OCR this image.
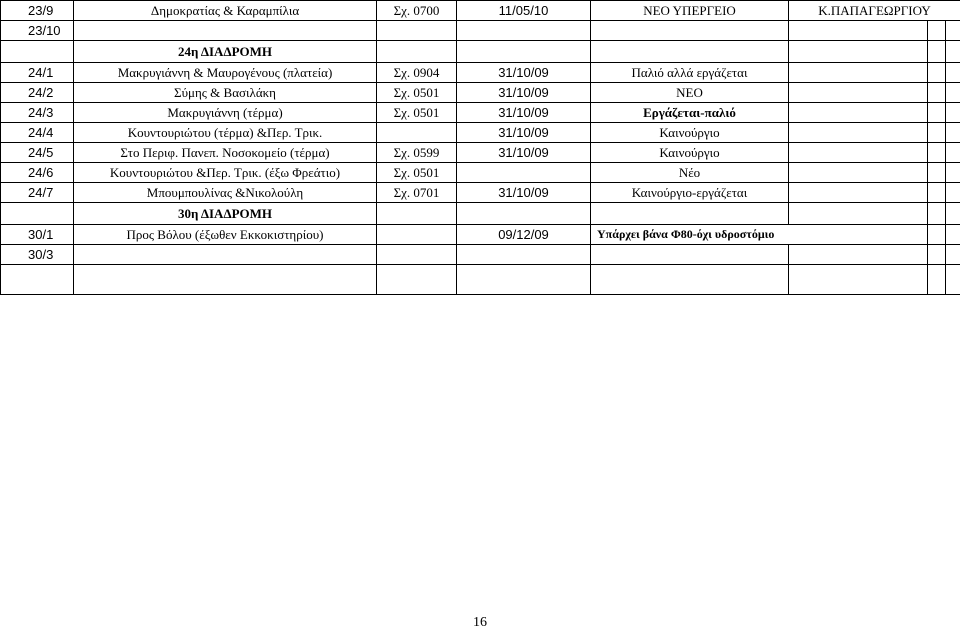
23/9	Δημοκρατίας & Καραμπίλια	Σχ. 0700	11/05/10	ΝΕΟ ΥΠΕΡΓΕΙΟ	Κ.ΠΑΠΑΓΕΩΡΓΙΟΥ		
23/10							
	24η ΔΙΑΔΡΟΜΗ						
24/1	Μακρυγιάννη & Μαυρογένους (πλατεία)	Σχ. 0904	31/10/09	Παλιό αλλά εργάζεται			
24/2	Σύμης & Βασιλάκη	Σχ. 0501	31/10/09	ΝΕΟ			
24/3	Μακρυγιάννη (τέρμα)	Σχ. 0501	31/10/09	Εργάζεται-παλιό			
24/4	Κουντουριώτου (τέρμα) &Περ. Τρικ.		31/10/09	Καινούργιο			
24/5	Στο Περιφ. Πανεπ. Νοσοκομείο (τέρμα)	Σχ. 0599	31/10/09	Καινούργιο			
24/6	Κουντουριώτου &Περ. Τρικ. (έξω Φρεάτιο)	Σχ. 0501		Νέο			
24/7	Μπουμπουλίνας &Νικολούλη	Σχ. 0701	31/10/09	Καινούργιο-εργάζεται			
	30η ΔΙΑΔΡΟΜΗ						
30/1	Προς Βόλου (έξωθεν Εκκοκιστηρίου)		09/12/09	Υπάρχει βάνα Φ80-όχι υδροστόμιο			
30/3							

16
